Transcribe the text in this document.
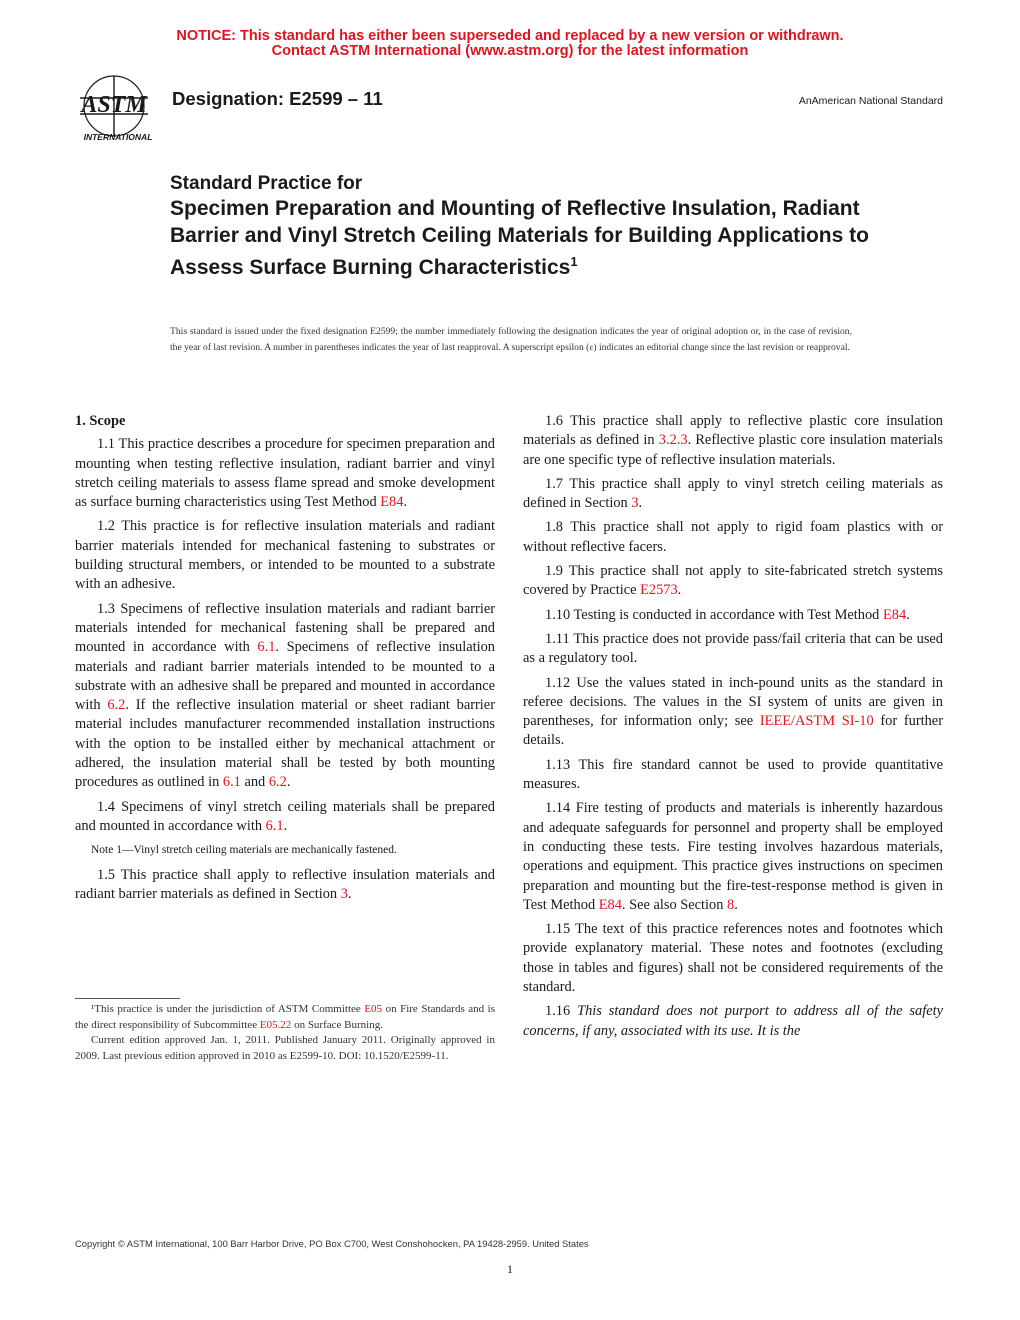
NOTICE: This standard has either been superseded and replaced by a new version or withdrawn.
Contact ASTM International (www.astm.org) for the latest information
ASTM
INTERNATIONAL
Designation: E2599 – 11	AnAmerican National Standard
Standard Practice for
Specimen Preparation and Mounting of Reflective Insulation, Radiant Barrier and Vinyl Stretch Ceiling Materials for Building Applications to Assess Surface Burning Characteristics$^1$
This standard is issued under the fixed designation E2599; the number immediately following the designation indicates the year of original adoption or, in the case of revision, the year of last revision. A number in parentheses indicates the year of last reapproval. A superscript epsilon (ε) indicates an editorial change since the last revision or reapproval.

1. Scope

1.1 This practice describes a procedure for specimen preparation and mounting when testing reflective insulation, radiant barrier and vinyl stretch ceiling materials to assess flame spread and smoke development as surface burning characteristics using Test Method E84.

1.2 This practice is for reflective insulation materials and radiant barrier materials intended for mechanical fastening to substrates or building structural members, or intended to be mounted to a substrate with an adhesive.

1.3 Specimens of reflective insulation materials and radiant barrier materials intended for mechanical fastening shall be prepared and mounted in accordance with 6.1. Specimens of reflective insulation materials and radiant barrier materials intended to be mounted to a substrate with an adhesive shall be prepared and mounted in accordance with 6.2. If the reflective insulation material or sheet radiant barrier material includes manufacturer recommended installation instructions with the option to be installed either by mechanical attachment or adhered, the insulation material shall be tested by both mounting procedures as outlined in 6.1 and 6.2.

1.4 Specimens of vinyl stretch ceiling materials shall be prepared and mounted in accordance with 6.1.

Note 1—Vinyl stretch ceiling materials are mechanically fastened.

1.5 This practice shall apply to reflective insulation materials and radiant barrier materials as defined in Section 3.

1.6 This practice shall apply to reflective plastic core insulation materials as defined in 3.2.3. Reflective plastic core insulation materials are one specific type of reflective insulation materials.

1.7 This practice shall apply to vinyl stretch ceiling materials as defined in Section 3.

1.8 This practice shall not apply to rigid foam plastics with or without reflective facers.

1.9 This practice shall not apply to site-fabricated stretch systems covered by Practice E2573.

1.10 Testing is conducted in accordance with Test Method E84.

1.11 This practice does not provide pass/fail criteria that can be used as a regulatory tool.

1.12 Use the values stated in inch-pound units as the standard in referee decisions. The values in the SI system of units are given in parentheses, for information only; see IEEE/ASTM SI-10 for further details.

1.13 This fire standard cannot be used to provide quantitative measures.

1.14 Fire testing of products and materials is inherently hazardous and adequate safeguards for personnel and property shall be employed in conducting these tests. Fire testing involves hazardous materials, operations and equipment. This practice gives instructions on specimen preparation and mounting but the fire-test-response method is given in Test Method E84. See also Section 8.

1.15 The text of this practice references notes and footnotes which provide explanatory material. These notes and footnotes (excluding those in tables and figures) shall not be considered requirements of the standard.

1.16 This standard does not purport to address all of the safety concerns, if any, associated with its use. It is the

¹This practice is under the jurisdiction of ASTM Committee E05 on Fire Standards and is the direct responsibility of Subcommittee E05.22 on Surface Burning.

Current edition approved Jan. 1, 2011. Published January 2011. Originally approved in 2009. Last previous edition approved in 2010 as E2599-10. DOI: 10.1520/E2599-11.

Copyright © ASTM International, 100 Barr Harbor Drive, PO Box C700, West Conshohocken, PA 19428-2959. United States
1
